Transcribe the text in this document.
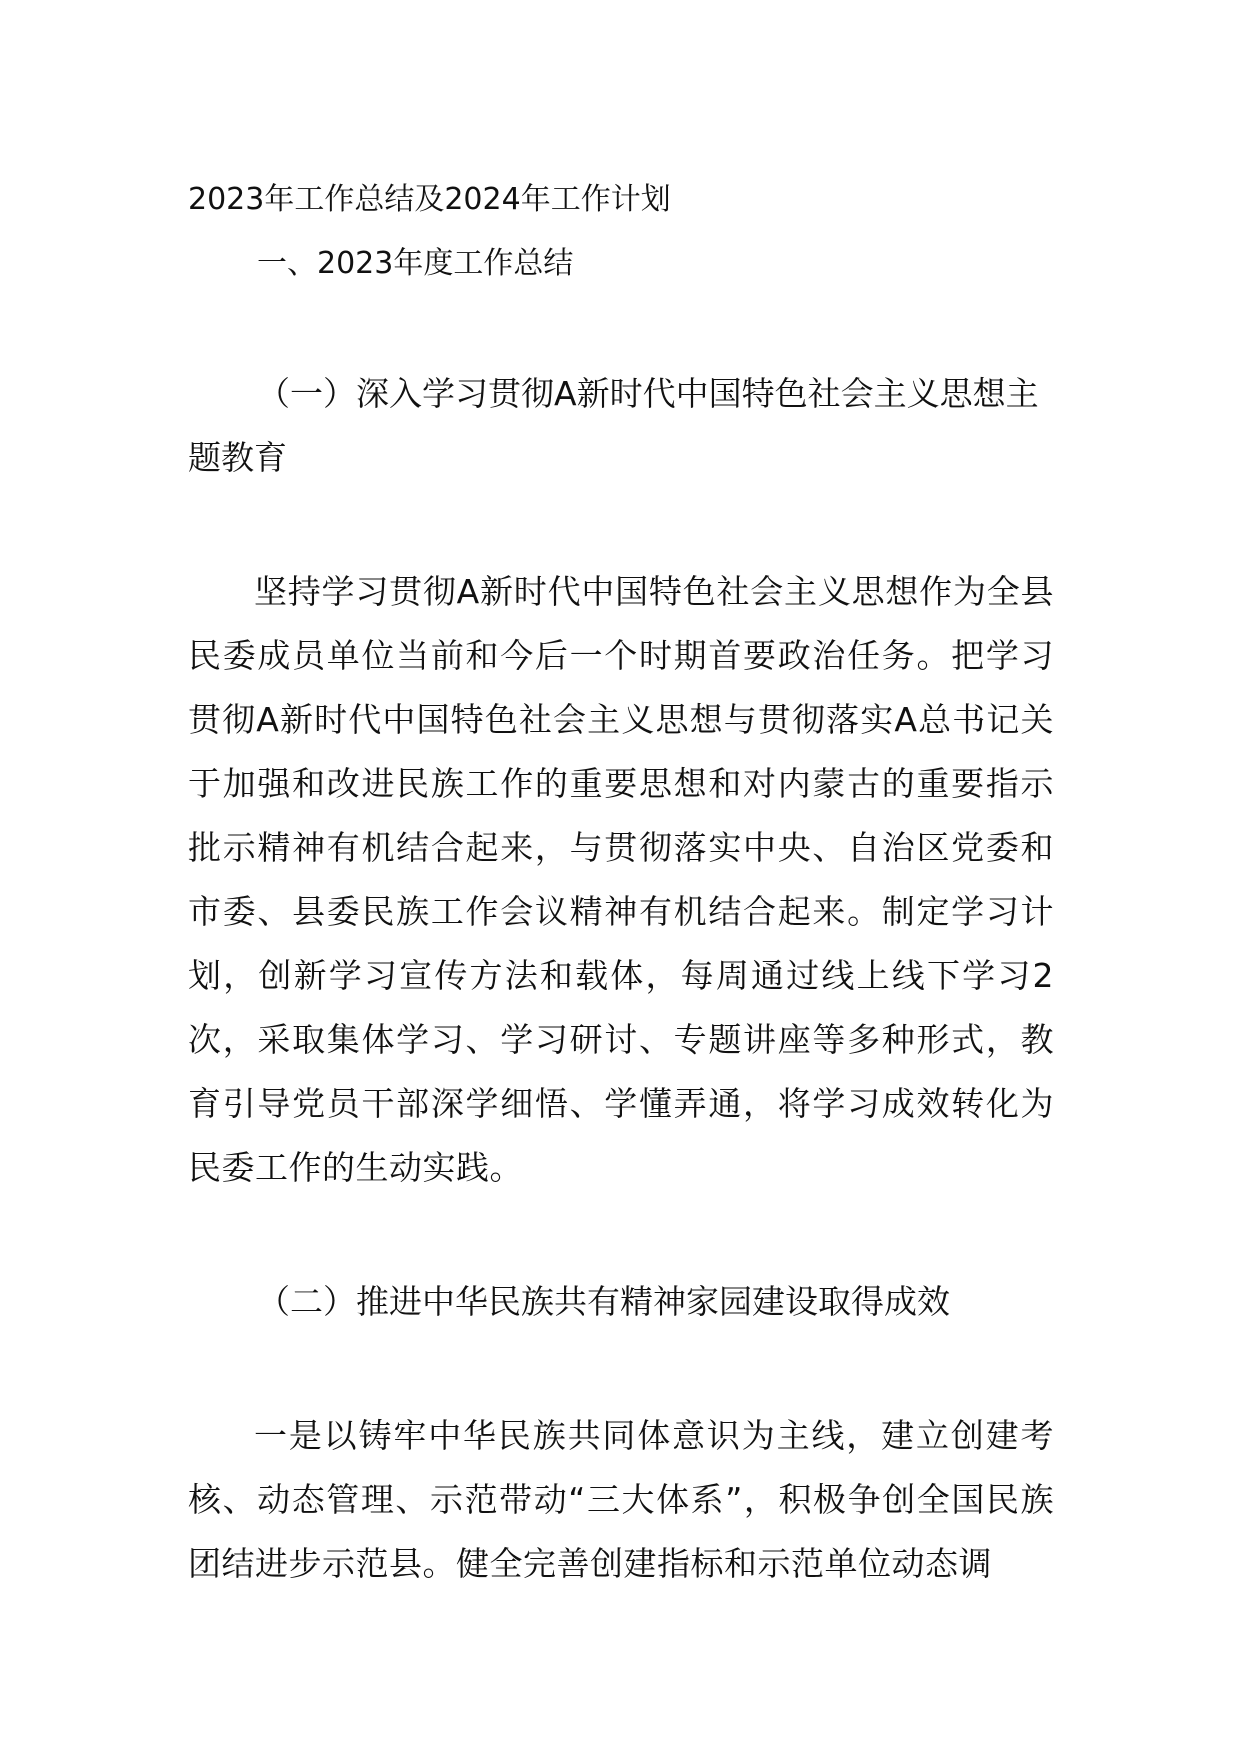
2023年工作总结及2024年工作计划

一、2023年度工作总结

（一）深入学习贯彻A新时代中国特色社会主义思想主题教育

坚持学习贯彻A新时代中国特色社会主义思想作为全县民委成员单位当前和今后一个时期首要政治任务。把学习贯彻A新时代中国特色社会主义思想与贯彻落实A总书记关于加强和改进民族工作的重要思想和对内蒙古的重要指示批示精神有机结合起来，与贯彻落实中央、自治区党委和市委、县委民族工作会议精神有机结合起来。制定学习计划，创新学习宣传方法和载体，每周通过线上线下学习2次，采取集体学习、学习研讨、专题讲座等多种形式，教育引导党员干部深学细悟、学懂弄通，将学习成效转化为民委工作的生动实践。

（二）推进中华民族共有精神家园建设取得成效

一是以铸牢中华民族共同体意识为主线，建立创建考核、动态管理、示范带动“三大体系”，积极争创全国民族团结进步示范县。健全完善创建指标和示范单位动态调
